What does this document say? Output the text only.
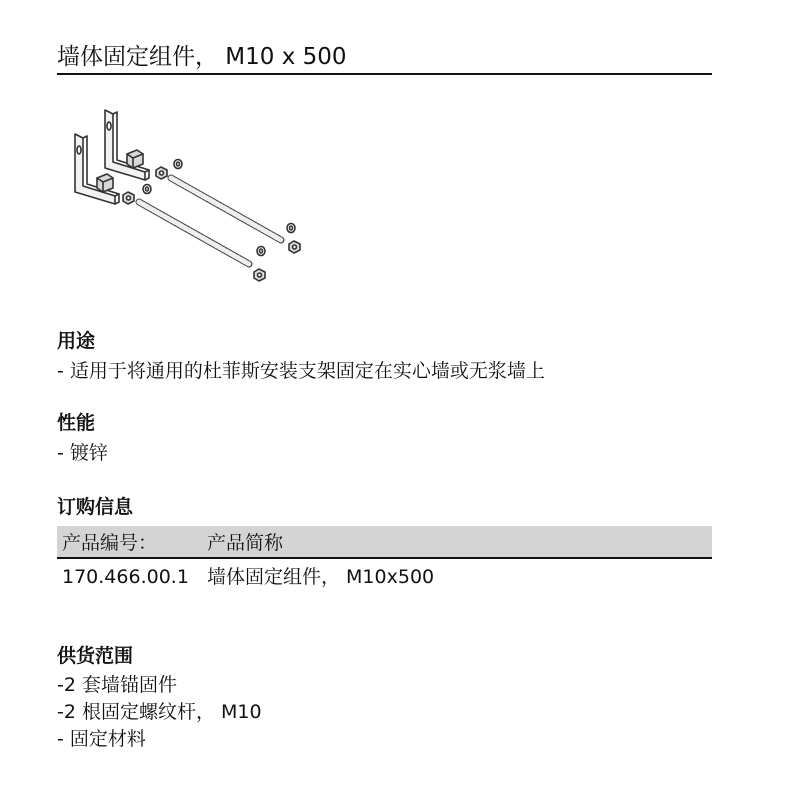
墙体固定组件， M10 x 500
用途
- 适用于将通用的杜菲斯安装支架固定在实心墙或无浆墙上
性能
- 镀锌
订购信息
产品编号：	产品简称
170.466.00.1 墙体固定组件， M10x500
供货范围
-2 套墙锚固件
-2 根固定螺纹杆， M10
- 固定材料
